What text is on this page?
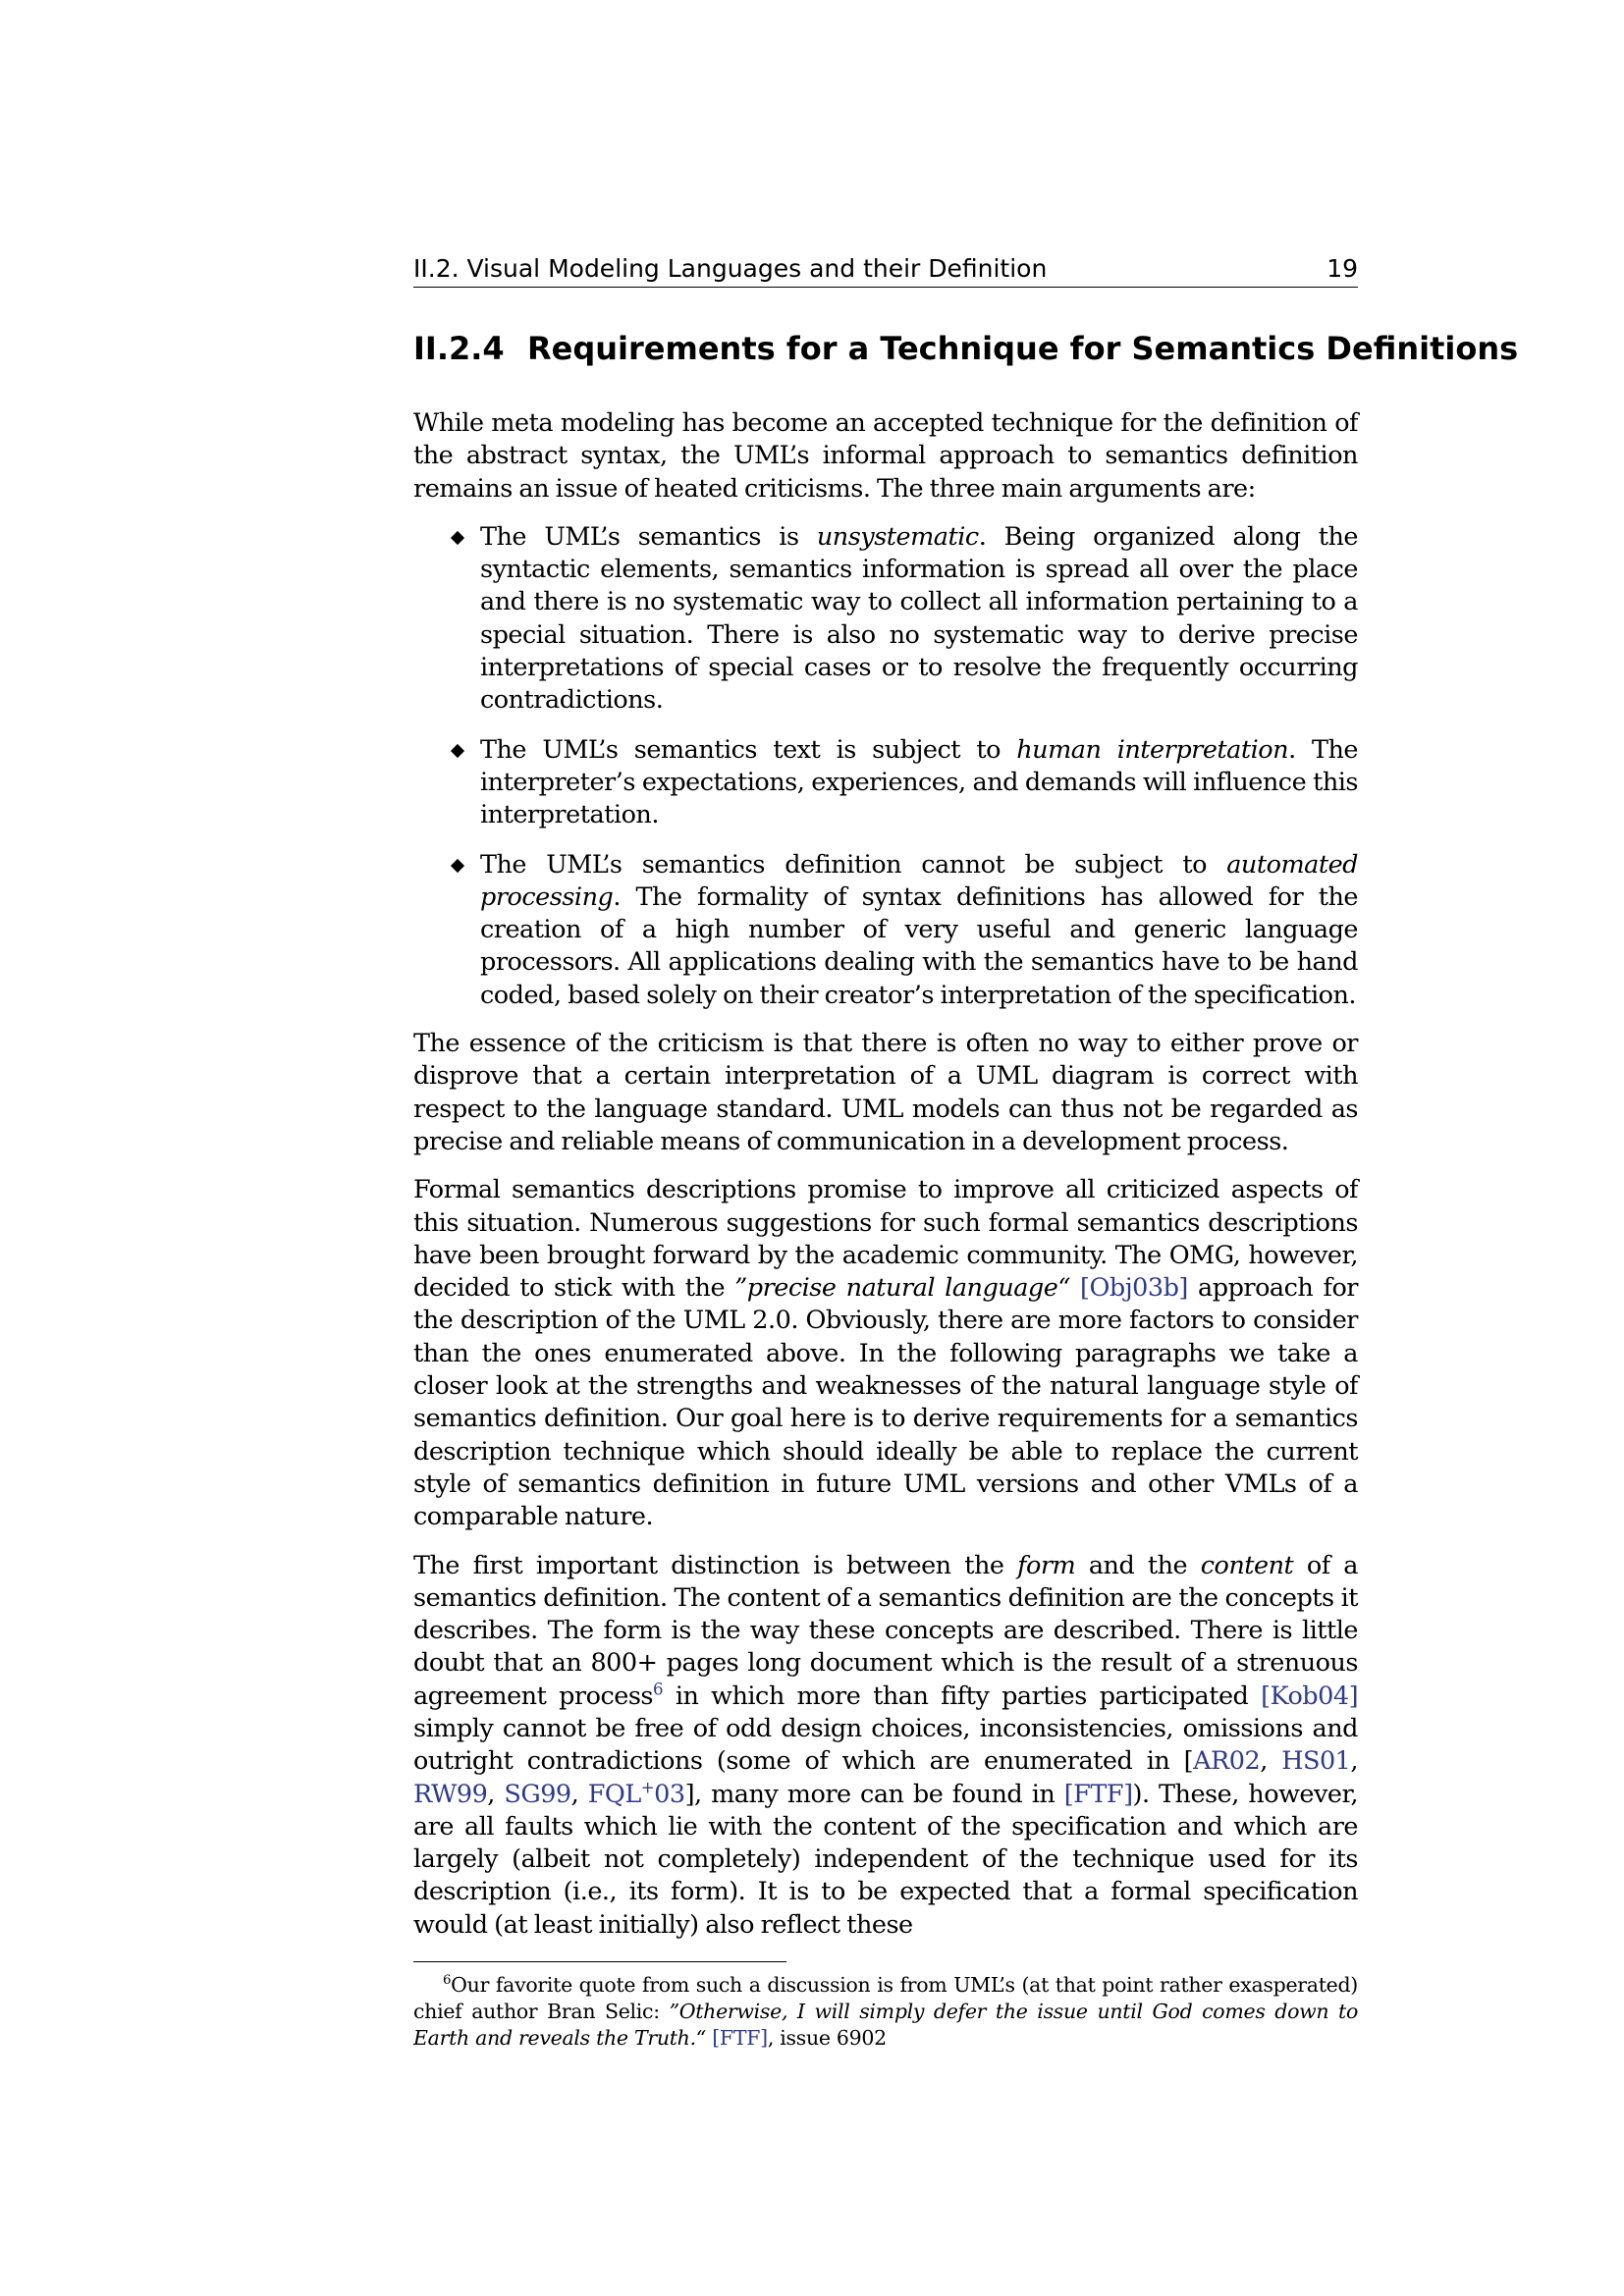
II.2. Visual Modeling Languages and their Definition	19
II.2.4 Requirements for a Technique for Semantics Definitions

While meta modeling has become an accepted technique for the definition of the abstract syntax, the UML’s informal approach to semantics definition remains an issue of heated criticisms. The three main arguments are:

The UML’s semantics is unsystematic. Being organized along the syntactic elements, semantics information is spread all over the place and there is no systematic way to collect all information pertaining to a special situation. There is also no systematic way to derive precise interpretations of special cases or to resolve the frequently occurring contradictions.
The UML’s semantics text is subject to human interpretation. The interpreter’s expectations, experiences, and demands will influence this interpretation.
The UML’s semantics definition cannot be subject to automated processing. The formality of syntax definitions has allowed for the creation of a high number of very useful and generic language processors. All applications dealing with the semantics have to be hand coded, based solely on their creator’s interpretation of the specification.

The essence of the criticism is that there is often no way to either prove or disprove that a certain interpretation of a UML diagram is correct with respect to the language standard. UML models can thus not be regarded as precise and reliable means of communication in a development process.

Formal semantics descriptions promise to improve all criticized aspects of this situation. Numerous suggestions for such formal semantics descriptions have been brought forward by the academic community. The OMG, however, decided to stick with the ”precise natural language“ [Obj03b] approach for the description of the UML 2.0. Obviously, there are more factors to consider than the ones enumerated above. In the following paragraphs we take a closer look at the strengths and weaknesses of the natural language style of semantics definition. Our goal here is to derive requirements for a semantics description technique which should ideally be able to replace the current style of semantics definition in future UML versions and other VMLs of a comparable nature.

The first important distinction is between the form and the content of a semantics definition. The content of a semantics definition are the concepts it describes. The form is the way these concepts are described. There is little doubt that an 800+ pages long document which is the result of a strenuous agreement process$^6$ in which more than fifty parties participated [Kob04] simply cannot be free of odd design choices, inconsistencies, omissions and outright contradictions (some of which are enumerated in [AR02, HS01, RW99, SG99, FQL+03], many more can be found in [FTF]). These, however, are all faults which lie with the content of the specification and which are largely (albeit not completely) independent of the technique used for its description (i.e., its form). It is to be expected that a formal specification would (at least initially) also reflect these

$^6$Our favorite quote from such a discussion is from UML’s (at that point rather exasperated) chief author Bran Selic: ”Otherwise, I will simply defer the issue until God comes down to Earth and reveals the Truth.“ [FTF], issue 6902
